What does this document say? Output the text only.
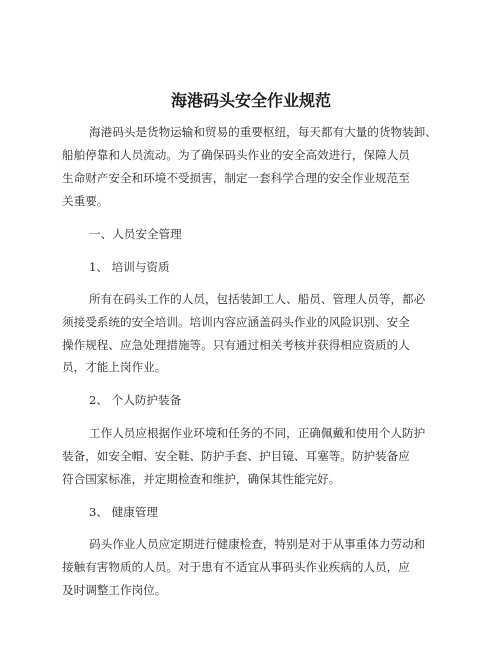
海港码头安全作业规范
海港码头是货物运输和贸易的重要枢纽，每天都有大量的货物装卸、
船舶停靠和人员流动。为了确保码头作业的安全高效进行，保障人员
生命财产安全和环境不受损害，制定一套科学合理的安全作业规范至
关重要。
一、人员安全管理
1、 培训与资质
所有在码头工作的人员，包括装卸工人、船员、管理人员等，都必
须接受系统的安全培训。培训内容应涵盖码头作业的风险识别、安全
操作规程、应急处理措施等。只有通过相关考核并获得相应资质的人
员，才能上岗作业。
2、 个人防护装备
工作人员应根据作业环境和任务的不同，正确佩戴和使用个人防护
装备，如安全帽、安全鞋、防护手套、护目镜、耳塞等。防护装备应
符合国家标准，并定期检查和维护，确保其性能完好。
3、 健康管理
码头作业人员应定期进行健康检查，特别是对于从事重体力劳动和
接触有害物质的人员。对于患有不适宜从事码头作业疾病的人员，应
及时调整工作岗位。
